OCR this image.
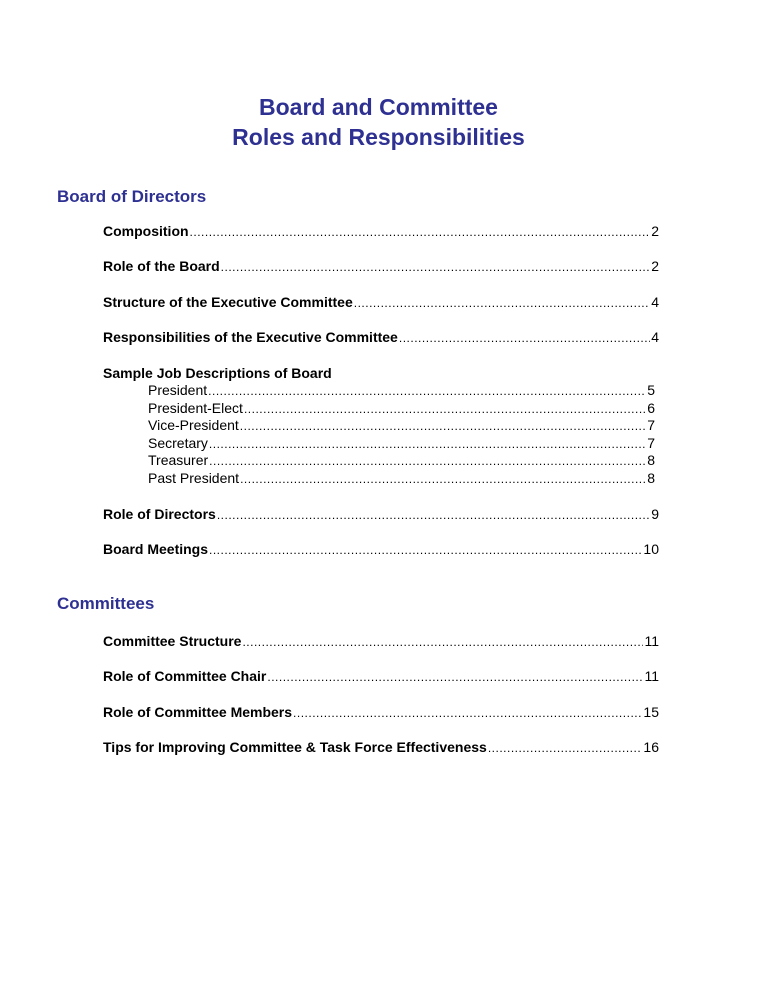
Board and Committee
Roles and Responsibilities
Board of Directors
Composition .....	2
Role of the Board .....	2
Structure of the Executive Committee .....	4
Responsibilities of the Executive Committee .....	4
Sample Job Descriptions of Board
President .....	5
President-Elect .....	6
Vice-President .....	7
Secretary .....	7
Treasurer .....	8
Past President .....	8
Role of Directors .....	9
Board Meetings .....	10
Committees
Committee Structure .....	11
Role of Committee Chair .....	11
Role of Committee Members .....	15
Tips for Improving Committee & Task Force Effectiveness .....	16
